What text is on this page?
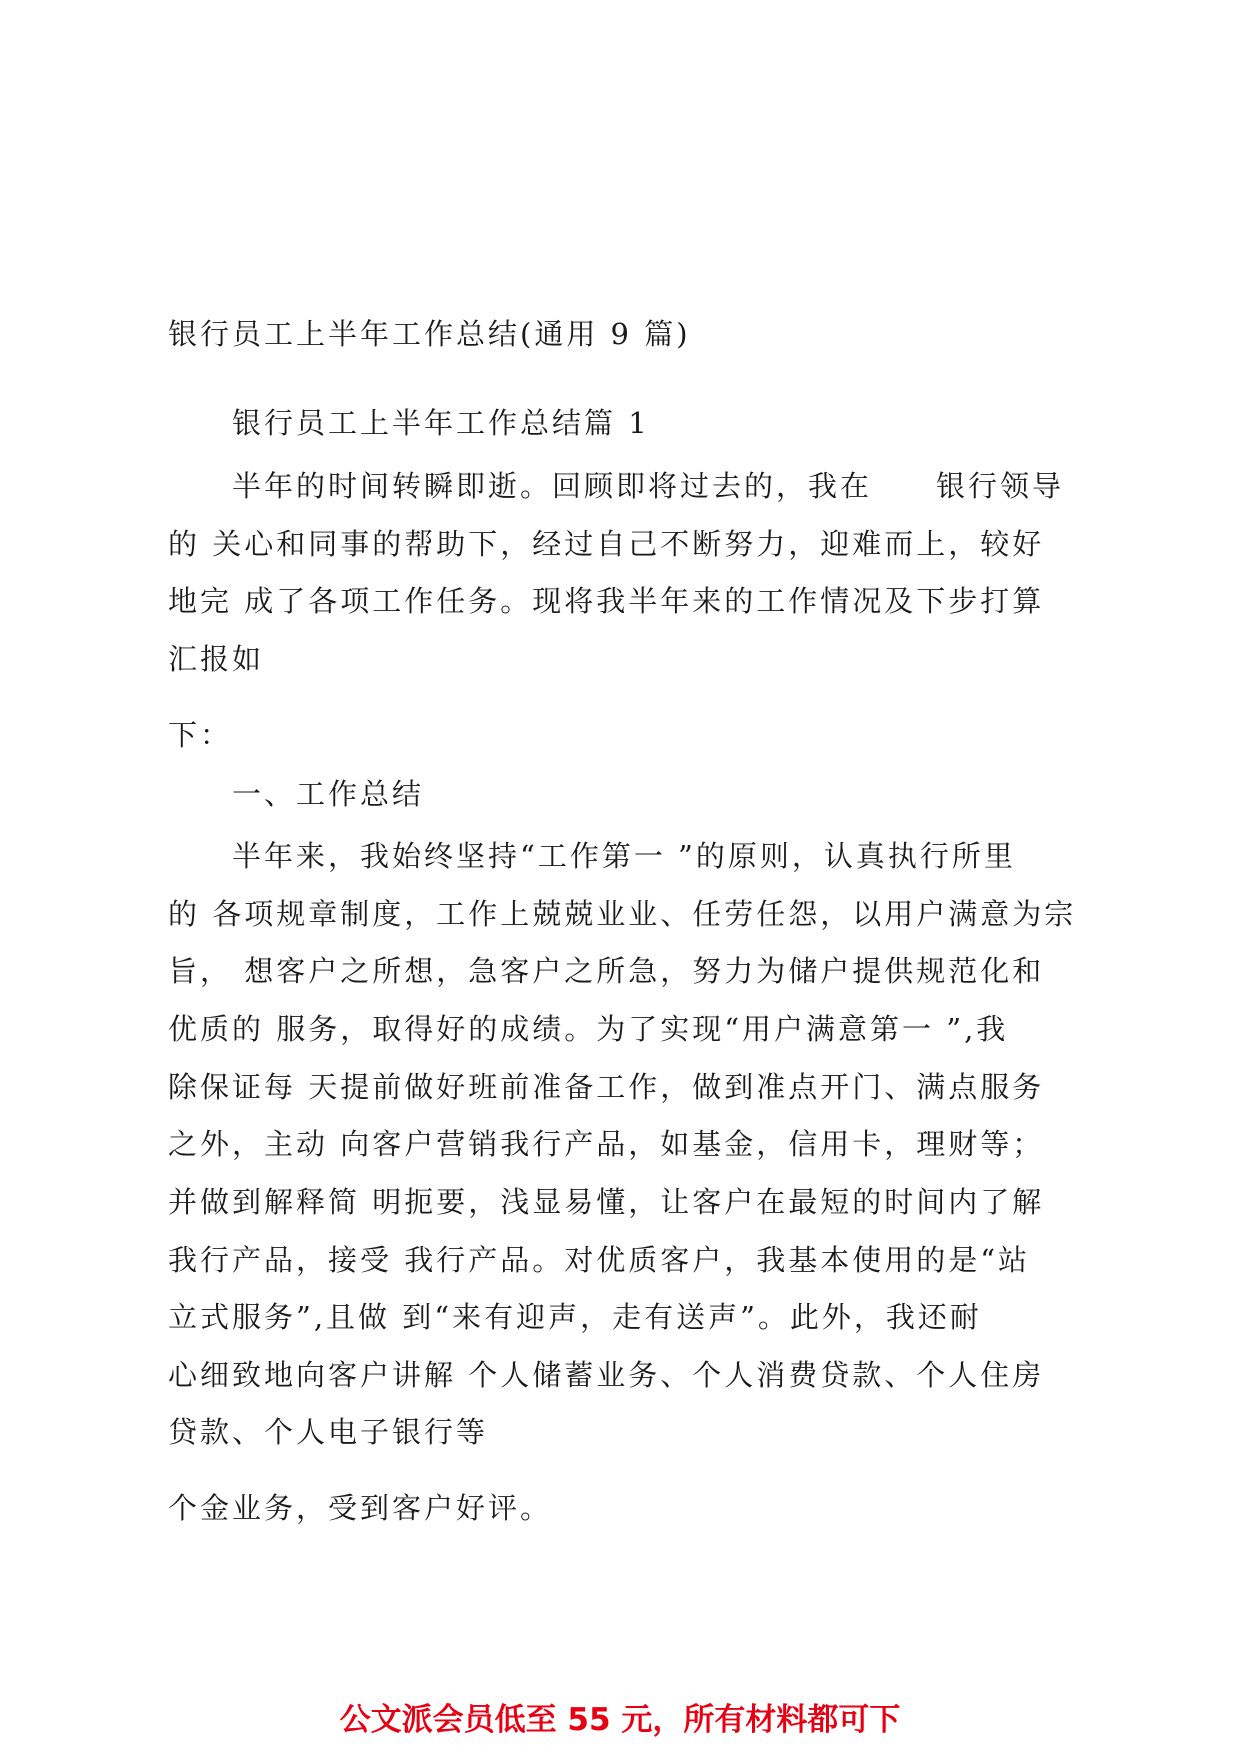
银行员工上半年工作总结(通用 9 篇)
银行员工上半年工作总结篇 1
半年的时间转瞬即逝。回顾即将过去的，我在　　银行领导
的 关心和同事的帮助下，经过自己不断努力，迎难而上，较好
地完 成了各项工作任务。现将我半年来的工作情况及下步打算
汇报如
下：
一、工作总结
半年来，我始终坚持“工作第一 ”的原则，认真执行所里
的 各项规章制度，工作上兢兢业业、任劳任怨，以用户满意为宗
旨， 想客户之所想，急客户之所急，努力为储户提供规范化和
优质的 服务，取得好的成绩。为了实现“用户满意第一 ”,我
除保证每 天提前做好班前准备工作，做到准点开门、满点服务
之外，主动 向客户营销我行产品，如基金，信用卡，理财等；
并做到解释简 明扼要，浅显易懂，让客户在最短的时间内了解
我行产品，接受 我行产品。对优质客户，我基本使用的是“站
立式服务”,且做 到“来有迎声，走有送声”。此外，我还耐
心细致地向客户讲解 个人储蓄业务、个人消费贷款、个人住房
贷款、个人电子银行等
个金业务，受到客户好评。
公文派会员低至 55 元，所有材料都可下
